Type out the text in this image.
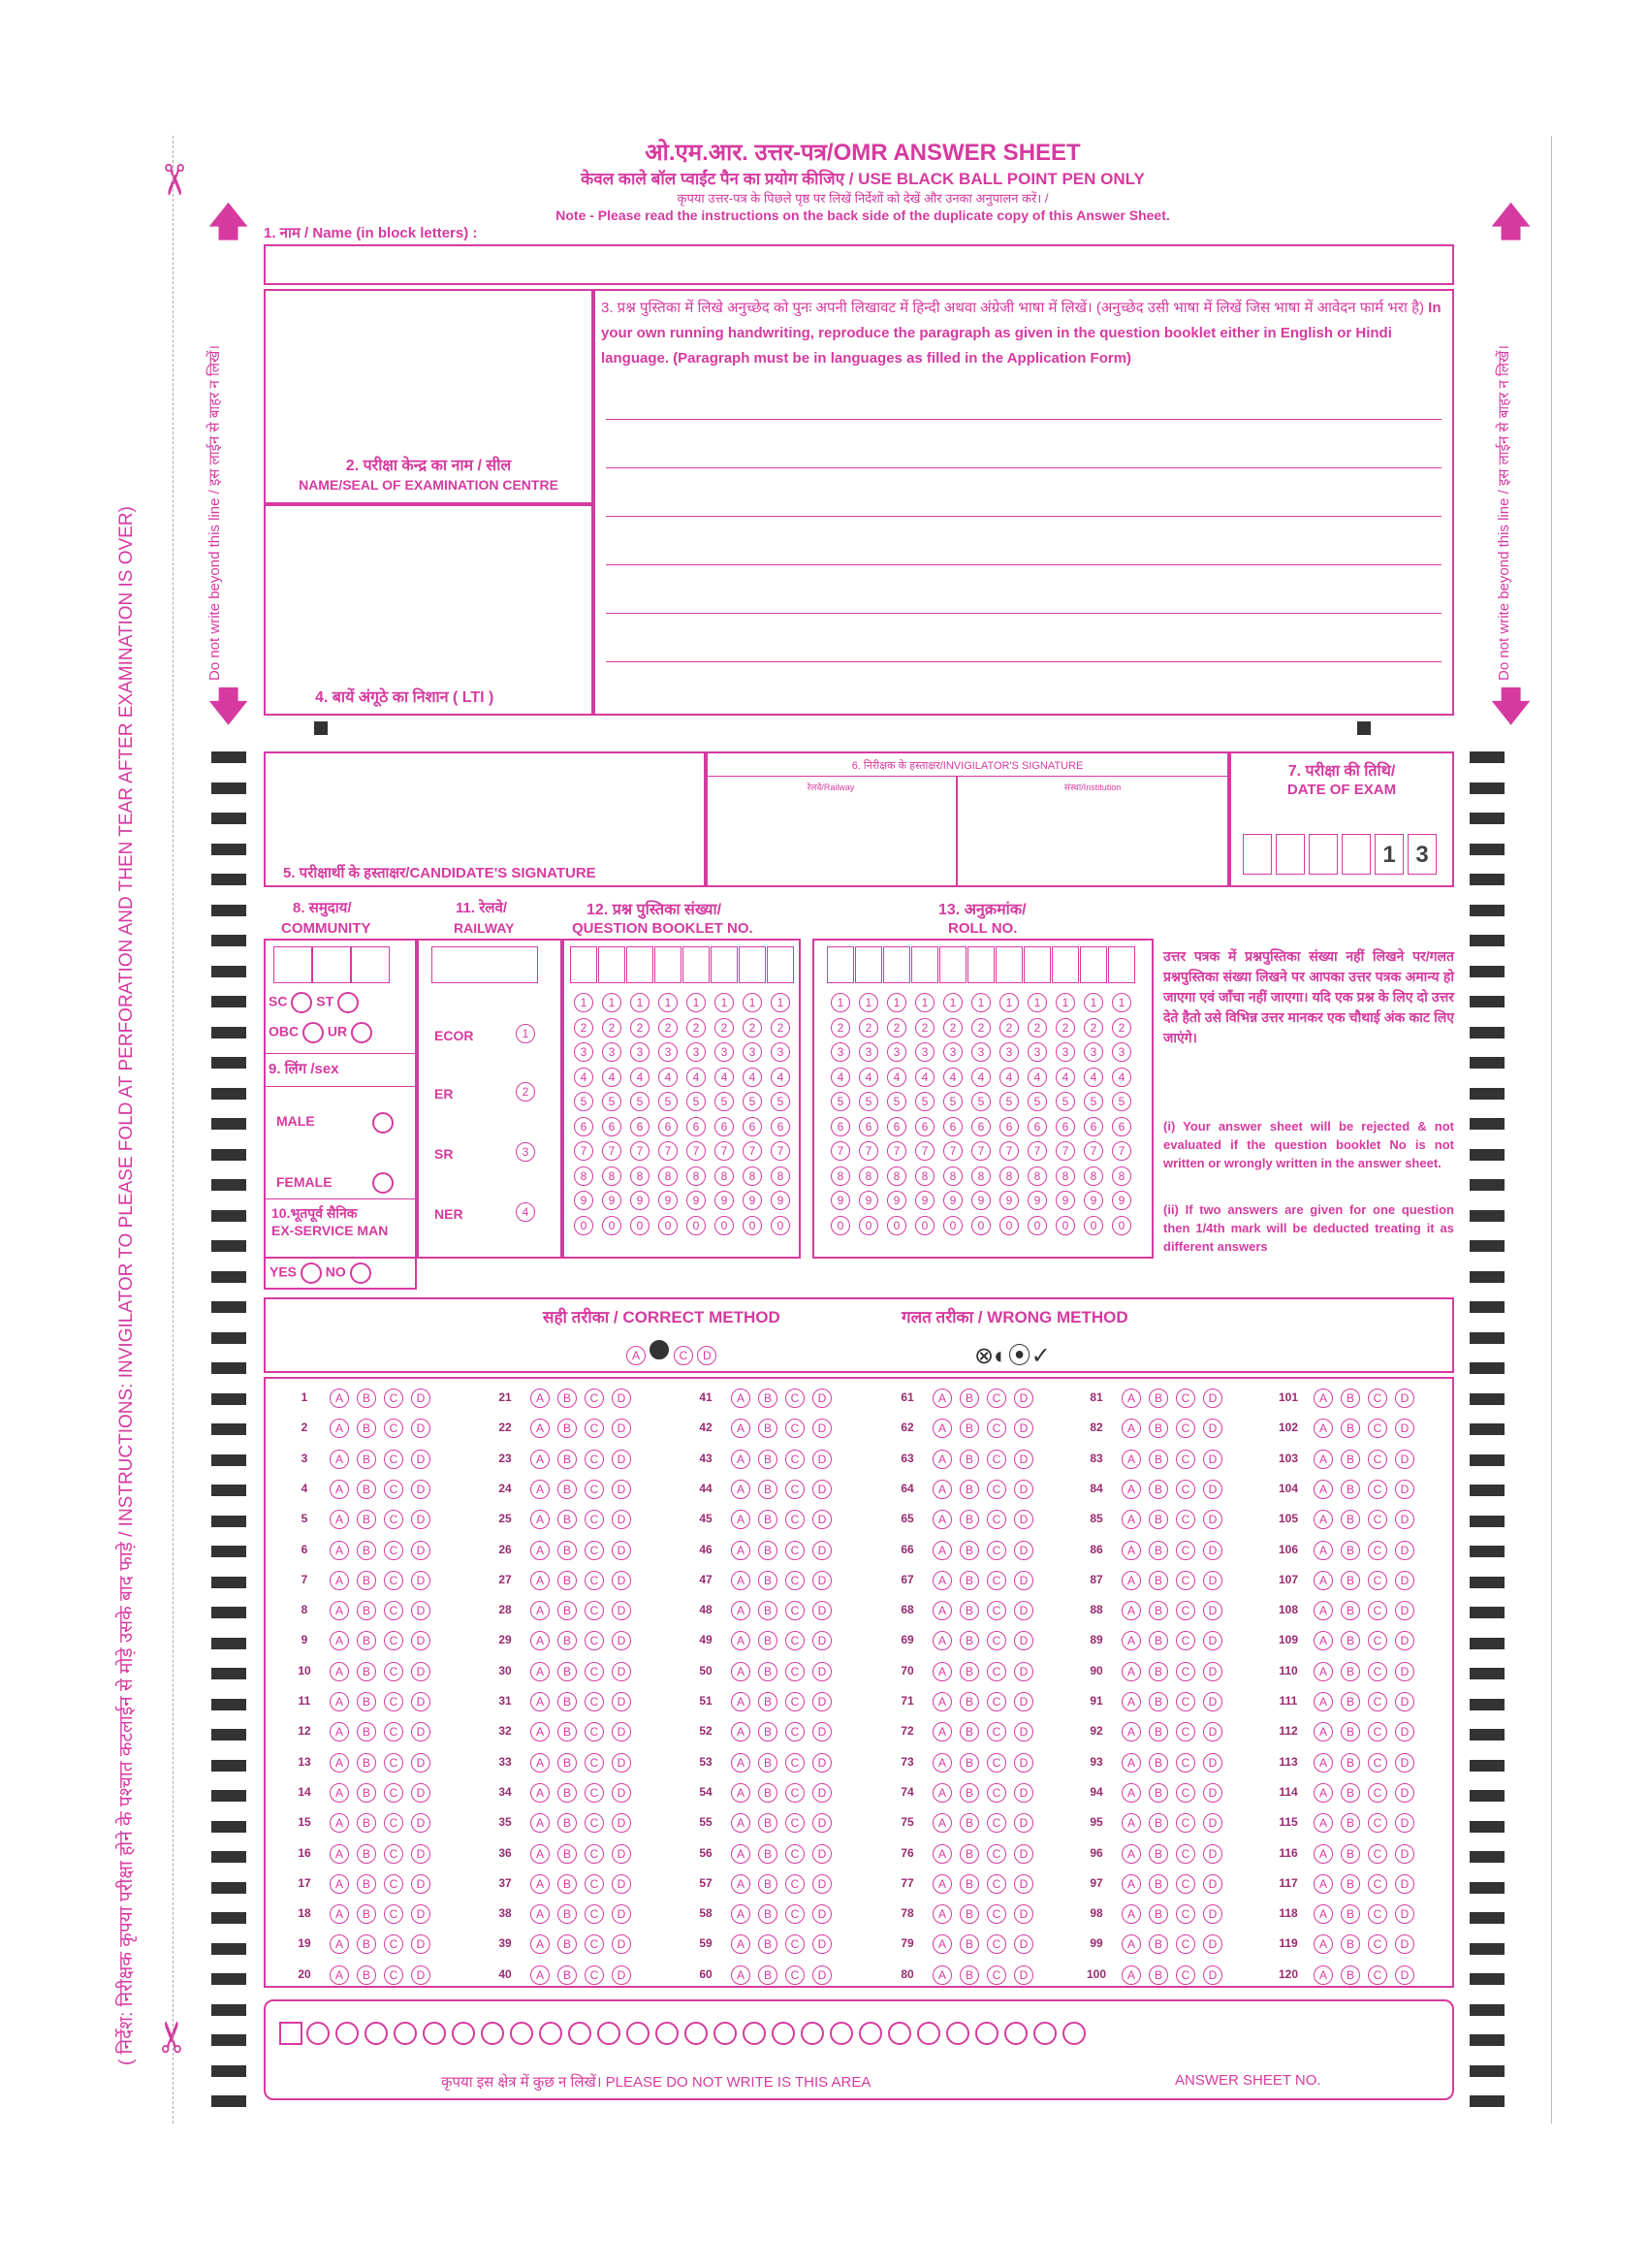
( निर्देश: निरीक्षक कृपया परीक्षा होने के पश्चात कटलाईन से मोड़े उसके बाद फाड़े / INSTRUCTIONS: INVIGILATOR TO PLEASE FOLD AT PERFORATION AND THEN TEAR AFTER EXAMINATION IS OVER)	Do not write beyond this line / इस लाईन से बाहर न लिखें।	Do not write beyond this line / इस लाईन से बाहर न लिखें।
✂
✂
🡅
🡇
🡅
🡇
ओ.एम.आर. उत्तर-पत्र/OMR ANSWER SHEET
केवल काले बॉल प्वाईंट पैन का प्रयोग कीजिए / USE BLACK BALL POINT PEN ONLY
कृपया उत्तर-पत्र के पिछले पृष्ठ पर लिखें निर्देशों को देखें और उनका अनुपालन करें। /
Note - Please read the instructions on the back side of the duplicate copy of this Answer Sheet.
1. नाम / Name (in block letters) :
2. परीक्षा केन्द्र का नाम / सील
NAME/SEAL OF EXAMINATION CENTRE
4. बायें अंगूठे का निशान ( LTI )
3. प्रश्न पुस्तिका में लिखे अनुच्छेद को पुनः अपनी लिखावट में हिन्दी अथवा अंग्रेजी भाषा में लिखें। (अनुच्छेद उसी भाषा में लिखें जिस भाषा में आवेदन फार्म भरा है) In your own running handwriting, reproduce the paragraph as given in the question booklet either in English or Hindi language. (Paragraph must be in languages as filled in the Application Form)
5. परीक्षार्थी के हस्ताक्षर/CANDIDATE'S SIGNATURE
6. निरीक्षक के हस्ताक्षर/INVIGILATOR'S SIGNATURE
रेलवे/Railway	संस्था/Institution
7. परीक्षा की तिथि/
DATE OF EXAM
1 3
8. समुदाय/
COMMUNITY
11. रेलवे/
RAILWAY
12. प्रश्न पुस्तिका संख्या/
QUESTION BOOKLET NO.
13. अनुक्रमांक/
ROLL NO.
SC ST
OBC UR
9. लिंग /sex
MALE
FEMALE
10.भूतपूर्व सैनिक
EX-SERVICE MAN
YES NO
ECOR	1
ER	2
SR	3
NER	4
1	1	1	1	1	1	1	1
2	2	2	2	2	2	2	2
3	3	3	3	3	3	3	3
4	4	4	4	4	4	4	4
5	5	5	5	5	5	5	5
6	6	6	6	6	6	6	6
7	7	7	7	7	7	7	7
8	8	8	8	8	8	8	8
9	9	9	9	9	9	9	9
0	0	0	0	0	0	0	0
1	1	1	1	1	1	1	1	1	1	1
2	2	2	2	2	2	2	2	2	2	2
3	3	3	3	3	3	3	3	3	3	3
4	4	4	4	4	4	4	4	4	4	4
5	5	5	5	5	5	5	5	5	5	5
6	6	6	6	6	6	6	6	6	6	6
7	7	7	7	7	7	7	7	7	7	7
8	8	8	8	8	8	8	8	8	8	8
9	9	9	9	9	9	9	9	9	9	9
0	0	0	0	0	0	0	0	0	0	0
उत्तर पत्रक में प्रश्नपुस्तिका संख्या नहीं लिखने पर/गलत प्रश्नपुस्तिका संख्या लिखने पर आपका उत्तर पत्रक अमान्य हो जाएगा एवं जाँचा नहीं जाएगा। यदि एक प्रश्न के लिए दो उत्तर देते हैतो उसे विभिन्न उत्तर मानकर एक चौथाई अंक काट लिए जाएंगे।
(i) Your answer sheet will be rejected & not evaluated if the question booklet No is not written or wrongly written in the answer sheet.
(ii) If two answers are given for one question then 1/4th mark will be deducted treating it as different answers
सही तरीका / CORRECT METHOD	गलत तरीका / WRONG METHOD
A	C D	⊗◐⦿✓
1	A	B	C	D
2	A	B	C	D
3	A	B	C	D
4	A	B	C	D
5	A	B	C	D
6	A	B	C	D
7	A	B	C	D
8	A	B	C	D
9	A	B	C	D
10	A	B	C	D
11	A	B	C	D
12	A	B	C	D
13	A	B	C	D
14	A	B	C	D
15	A	B	C	D
16	A	B	C	D
17	A	B	C	D
18	A	B	C	D
19	A	B	C	D
20	A	B	C	D
21	A	B	C	D
22	A	B	C	D
23	A	B	C	D
24	A	B	C	D
25	A	B	C	D
26	A	B	C	D
27	A	B	C	D
28	A	B	C	D
29	A	B	C	D
30	A	B	C	D
31	A	B	C	D
32	A	B	C	D
33	A	B	C	D
34	A	B	C	D
35	A	B	C	D
36	A	B	C	D
37	A	B	C	D
38	A	B	C	D
39	A	B	C	D
40	A	B	C	D
41	A	B	C	D
42	A	B	C	D
43	A	B	C	D
44	A	B	C	D
45	A	B	C	D
46	A	B	C	D
47	A	B	C	D
48	A	B	C	D
49	A	B	C	D
50	A	B	C	D
51	A	B	C	D
52	A	B	C	D
53	A	B	C	D
54	A	B	C	D
55	A	B	C	D
56	A	B	C	D
57	A	B	C	D
58	A	B	C	D
59	A	B	C	D
60	A	B	C	D
61	A	B	C	D
62	A	B	C	D
63	A	B	C	D
64	A	B	C	D
65	A	B	C	D
66	A	B	C	D
67	A	B	C	D
68	A	B	C	D
69	A	B	C	D
70	A	B	C	D
71	A	B	C	D
72	A	B	C	D
73	A	B	C	D
74	A	B	C	D
75	A	B	C	D
76	A	B	C	D
77	A	B	C	D
78	A	B	C	D
79	A	B	C	D
80	A	B	C	D
81	A	B	C	D
82	A	B	C	D
83	A	B	C	D
84	A	B	C	D
85	A	B	C	D
86	A	B	C	D
87	A	B	C	D
88	A	B	C	D
89	A	B	C	D
90	A	B	C	D
91	A	B	C	D
92	A	B	C	D
93	A	B	C	D
94	A	B	C	D
95	A	B	C	D
96	A	B	C	D
97	A	B	C	D
98	A	B	C	D
99	A	B	C	D
100	A	B	C	D
101	A	B	C	D
102	A	B	C	D
103	A	B	C	D
104	A	B	C	D
105	A	B	C	D
106	A	B	C	D
107	A	B	C	D
108	A	B	C	D
109	A	B	C	D
110	A	B	C	D
111	A	B	C	D
112	A	B	C	D
113	A	B	C	D
114	A	B	C	D
115	A	B	C	D
116	A	B	C	D
117	A	B	C	D
118	A	B	C	D
119	A	B	C	D
120	A	B	C	D
कृपया इस क्षेत्र में कुछ न लिखें। PLEASE DO NOT WRITE IS THIS AREA	ANSWER SHEET NO.
